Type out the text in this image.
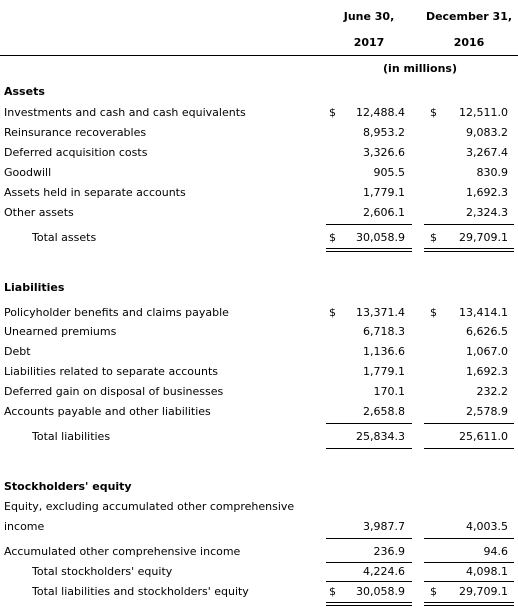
June 30,	December 31,
2017	2016
(in millions)
Assets
Investments and cash and cash equivalents	$	12,488.4 $	12,511.0
Reinsurance recoverables	8,953.2	9,083.2
Deferred acquisition costs	3,326.6	3,267.4
Goodwill	905.5	830.9
Assets held in separate accounts	1,779.1	1,692.3
Other assets	2,606.1	2,324.3
Total assets	$	30,058.9 $	29,709.1
Liabilities
Policyholder benefits and claims payable	$	13,371.4 $	13,414.1
Unearned premiums	6,718.3	6,626.5
Debt	1,136.6	1,067.0
Liabilities related to separate accounts	1,779.1	1,692.3
Deferred gain on disposal of businesses	170.1	232.2
Accounts payable and other liabilities	2,658.8	2,578.9
Total liabilities	25,834.3	25,611.0
Stockholders' equity
Equity, excluding accumulated other comprehensive
income	3,987.7	4,003.5
Accumulated other comprehensive income	236.9	94.6
Total stockholders' equity	4,224.6	4,098.1
Total liabilities and stockholders' equity	$	30,058.9 $	29,709.1
